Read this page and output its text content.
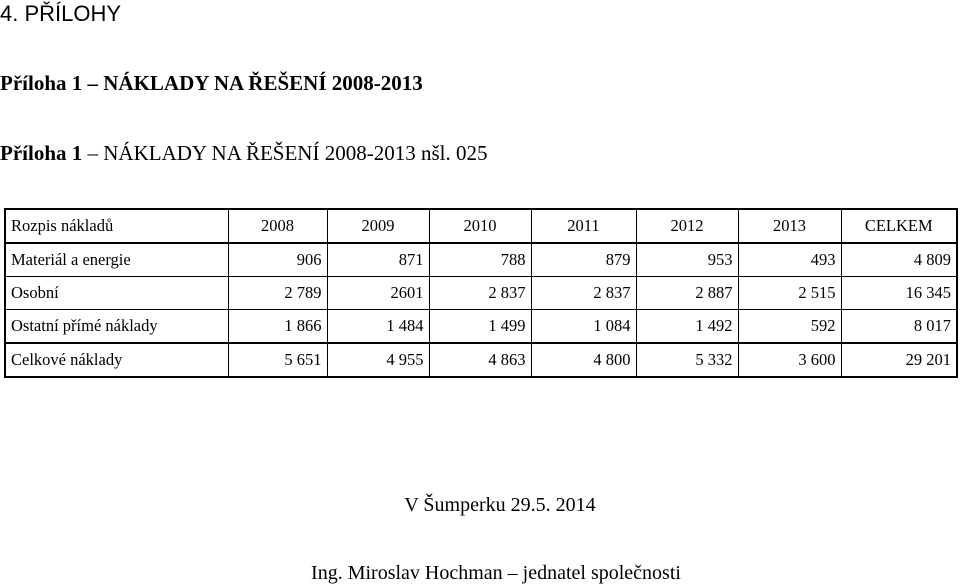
4. PŘÍLOHY
Příloha 1 – NÁKLADY NA ŘEŠENÍ 2008-2013
Příloha 1 – NÁKLADY NA ŘEŠENÍ 2008-2013 nšl. 025
Rozpis nákladů	2008	2009	2010	2011	2012	2013	CELKEM
Materiál a energie	906	871	788	879	953	493	4 809
Osobní	2 789	2601	2 837	2 837	2 887	2 515	16 345
Ostatní přímé náklady	1 866	1 484	1 499	1 084	1 492	592	8 017
Celkové náklady	5 651	4 955	4 863	4 800	5 332	3 600	29 201
V Šumperku 29.5. 2014
Ing. Miroslav Hochman – jednatel společnosti
